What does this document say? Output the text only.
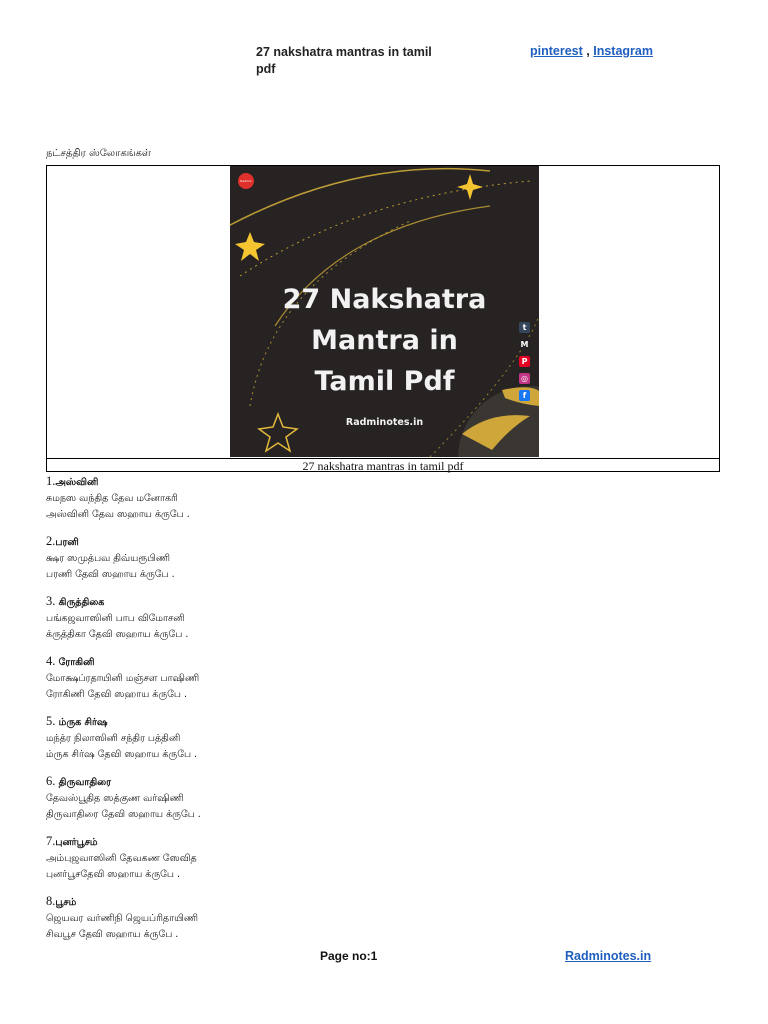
27 nakshatra mantras in tamil pdf
pinterest , Instagram
நட்சத்திர ஸ்லோகங்கள்
Radmin
27 Nakshatra
Mantra in
Tamil Pdf
Radminotes.in
t
M
P
◎
f
27 nakshatra mantras in tamil pdf

1.அஸ்வினி
சுமநஸ வந்தித தேவ மனோகரி
அஸ்வினி தேவ ஸஹாய க்ருபே .

2.பரனி
க்ஷர ஸமுத்பவ திவ்யரூபிணி
பரணி தேவி ஸஹாய க்ருபே .

3. கிருத்திகை
பங்கஜவாஸினி பாப விமோசனி
க்ருத்திகா தேவி ஸஹாய க்ருபே .

4. ரோகினி
மோக்ஷப்ரதாயினி மஞ்சள பாஷிணி
ரோகிணி தேவி ஸஹாய க்ருபே .

5. ம்ருக சிர்ஷ
மந்த்ர நிலாஸினி சந்திர பத்தினி
ம்ருக சிர்ஷ தேவி ஸஹாய க்ருபே .

6. திருவாதிரை
தேவஸ்பூதித ஸத்குண வர்ஷிணி
திருவாதிரை தேவி ஸஹாய க்ருபே .

7.புனர்பூசம்
அம்புஜவாஸினி தேவகண ஸேவித
புனர்பூசதேவி ஸஹாய க்ருபே .

8.பூசம்
ஜெயவர வர்ணிநி ஜெயப்ரிதாயிணி
சிவபூச தேவி ஸஹாய க்ருபே .

Page no:1	Radminotes.in
